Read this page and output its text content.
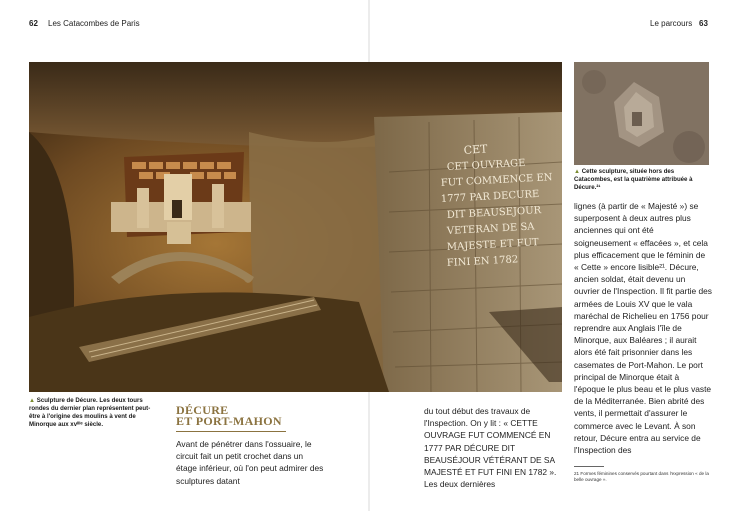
62 Les Catacombes de Paris	Le parcours 63
CET
CET OUVRAGE
FUT COMMENCE EN
1777 PAR DECURE
DIT BEAUSEJOUR
VETERAN DE SA
MAJESTE ET FUT
FINI EN 1782
▲ Cette sculpture, située hors des Catacombes, est la quatrième attribuée à Décure.²¹
▲ Sculpture de Décure. Les deux tours rondes du dernier plan représentent peut-être à l'origine des moulins à vent de Minorque aux xvᴵᴵᴵᵉ siècle.
DÉCURE
ET PORT-MAHON
Avant de pénétrer dans l'ossuaire, le circuit fait un petit crochet dans un étage inférieur, où l'on peut admirer des sculptures datant
du tout début des travaux de l'Inspection. On y lit : « CETTE OUVRAGE FUT COMMENCÉ EN 1777 PAR DÉCURE DIT BEAUSÉJOUR VÉTÉRANT DE SA MAJESTÉ ET FUT FINI EN 1782 ». Les deux dernières
lignes (à partir de « Majesté ») se superposent à deux autres plus anciennes qui ont été soigneusement « effacées », et cela plus efficacement que le féminin de « Cette » encore lisible²¹. Décure, ancien soldat, était devenu un ouvrier de l'Inspection. Il fit partie des armées de Louis XV que le vala maréchal de Richelieu en 1756 pour reprendre aux Anglais l'île de Minorque, aux Baléares ; il aurait alors été fait prisonnier dans les casemates de Port-Mahon. Le port principal de Minorque était à l'époque le plus beau et le plus vaste de la Méditerranée. Bien abrité des vents, il permettait d'assurer le commerce avec le Levant. À son retour, Décure entra au service de l'Inspection des
21 Formes féminines conservés pourtant dans l'expression « de la belle ouvrage ».
